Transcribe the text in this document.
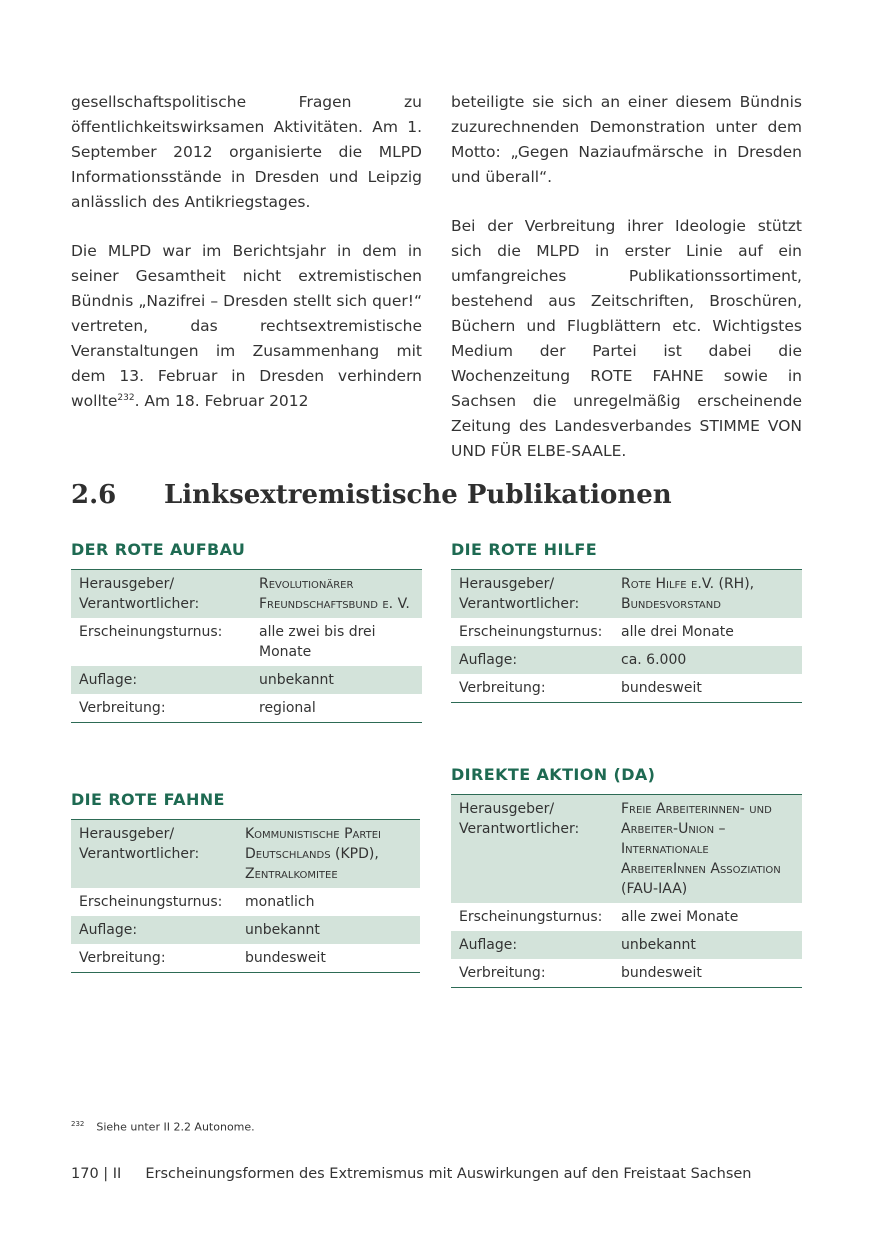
gesellschaftspolitische Fragen zu öffentlichkeitswirksamen Aktivitäten. Am 1. September 2012 organisierte die MLPD Informationsstände in Dresden und Leipzig anlässlich des Antikriegstages.

Die MLPD war im Berichtsjahr in dem in seiner Gesamtheit nicht extremistischen Bündnis „Nazifrei – Dresden stellt sich quer!“ vertreten, das rechtsextremistische Veranstaltungen im Zusammenhang mit dem 13. Februar in Dresden verhindern wollte$^{232}$. Am 18. Februar 2012

beteiligte sie sich an einer diesem Bündnis zuzurechnenden Demonstration unter dem Motto: „Gegen Naziaufmärsche in Dresden und überall“.

Bei der Verbreitung ihrer Ideologie stützt sich die MLPD in erster Linie auf ein umfangreiches Publikationssortiment, bestehend aus Zeitschriften, Broschüren, Büchern und Flugblättern etc. Wichtigstes Medium der Partei ist dabei die Wochenzeitung ROTE FAHNE sowie in Sachsen die unregelmäßig erscheinende Zeitung des Landesverbandes STIMME VON UND FÜR ELBE-SAALE.

2.6 Linksextremistische Publikationen
DER ROTE AUFBAU
Herausgeber/ Verantwortlicher:	Revolutionärer Freundschaftsbund e. V.
Erscheinungsturnus:	alle zwei bis drei Monate
Auflage:	unbekannt
Verbreitung:	regional
DIE ROTE HILFE
Herausgeber/ Verantwortlicher:	Rote Hilfe e.V. (RH), Bundesvorstand
Erscheinungsturnus:	alle drei Monate
Auflage:	ca. 6.000
Verbreitung:	bundesweit
DIE ROTE FAHNE
Herausgeber/ Verantwortlicher:	Kommunistische Partei Deutschlands (KPD), Zentralkomitee
Erscheinungsturnus:	monatlich
Auflage:	unbekannt
Verbreitung:	bundesweit
DIREKTE AKTION (DA)
Herausgeber/ Verantwortlicher:	Freie Arbeiterinnen- und Arbeiter-Union –Internationale ArbeiterInnen Assoziation (FAU-IAA)
Erscheinungsturnus:	alle zwei Monate
Auflage:	unbekannt
Verbreitung:	bundesweit
$^{232}$ Siehe unter II 2.2 Autonome.
170 | II Erscheinungsformen des Extremismus mit Auswirkungen auf den Freistaat Sachsen
